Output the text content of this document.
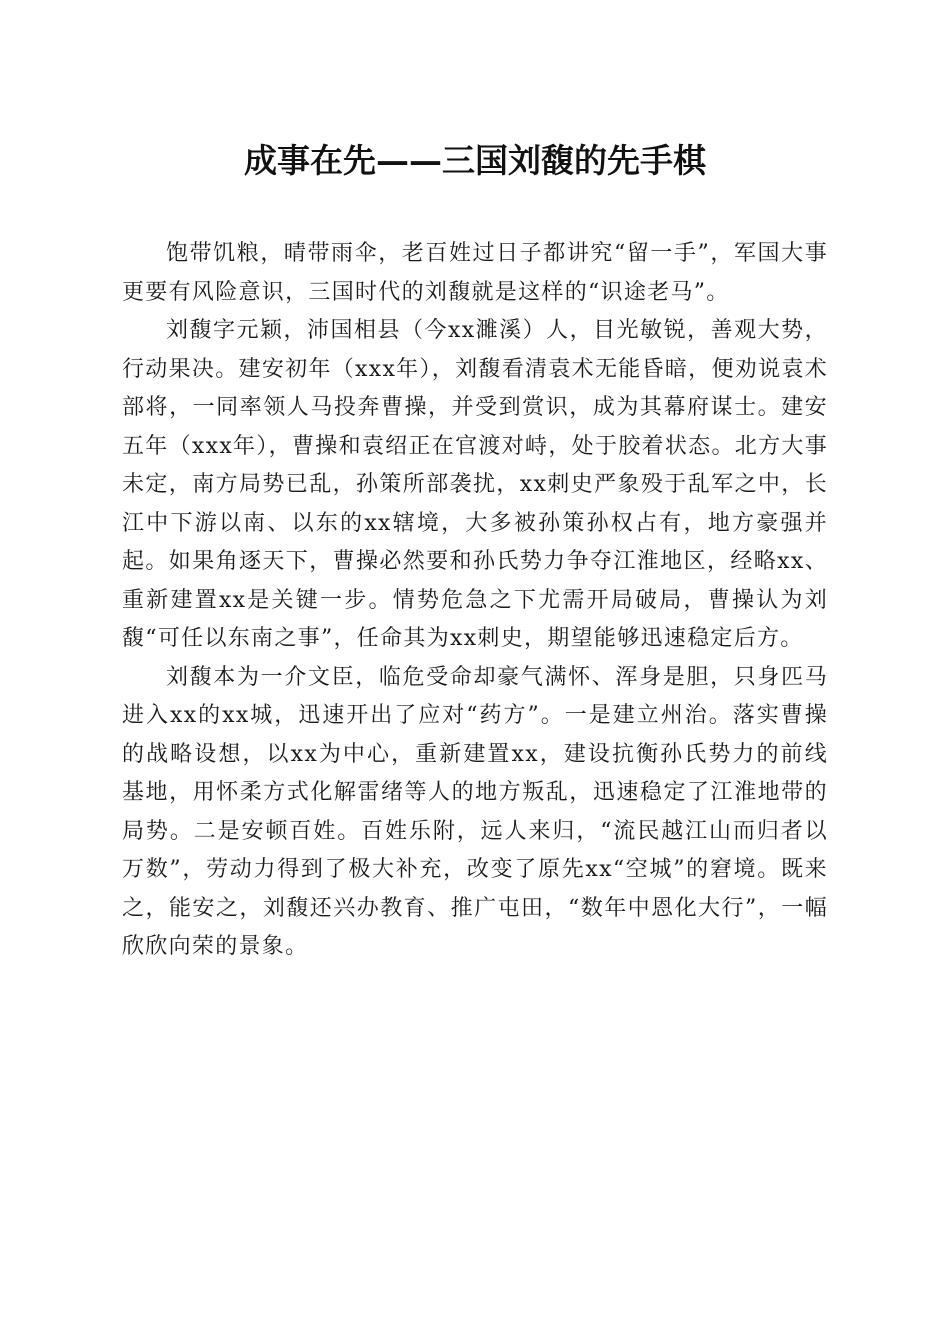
成事在先——三国刘馥的先手棋

饱带饥粮，晴带雨伞，老百姓过日子都讲究“留一手”，军国大事更要有风险意识，三国时代的刘馥就是这样的“识途老马”。

刘馥字元颖，沛国相县（今xx濉溪）人，目光敏锐，善观大势，行动果决。建安初年（xxx年），刘馥看清袁术无能昏暗，便劝说袁术部将，一同率领人马投奔曹操，并受到赏识，成为其幕府谋士。建安五年（xxx年），曹操和袁绍正在官渡对峙，处于胶着状态。北方大事未定，南方局势已乱，孙策所部袭扰，xx刺史严象殁于乱军之中，长江中下游以南、以东的xx辖境，大多被孙策孙权占有，地方豪强并起。如果角逐天下，曹操必然要和孙氏势力争夺江淮地区，经略xx、重新建置xx是关键一步。情势危急之下尤需开局破局，曹操认为刘馥“可任以东南之事”，任命其为xx刺史，期望能够迅速稳定后方。

刘馥本为一介文臣，临危受命却豪气满怀、浑身是胆，只身匹马进入xx的xx城，迅速开出了应对“药方”。一是建立州治。落实曹操的战略设想，以xx为中心，重新建置xx，建设抗衡孙氏势力的前线基地，用怀柔方式化解雷绪等人的地方叛乱，迅速稳定了江淮地带的局势。二是安顿百姓。百姓乐附，远人来归，“流民越江山而归者以万数”，劳动力得到了极大补充，改变了原先xx“空城”的窘境。既来之，能安之，刘馥还兴办教育、推广屯田，“数年中恩化大行”，一幅欣欣向荣的景象。
